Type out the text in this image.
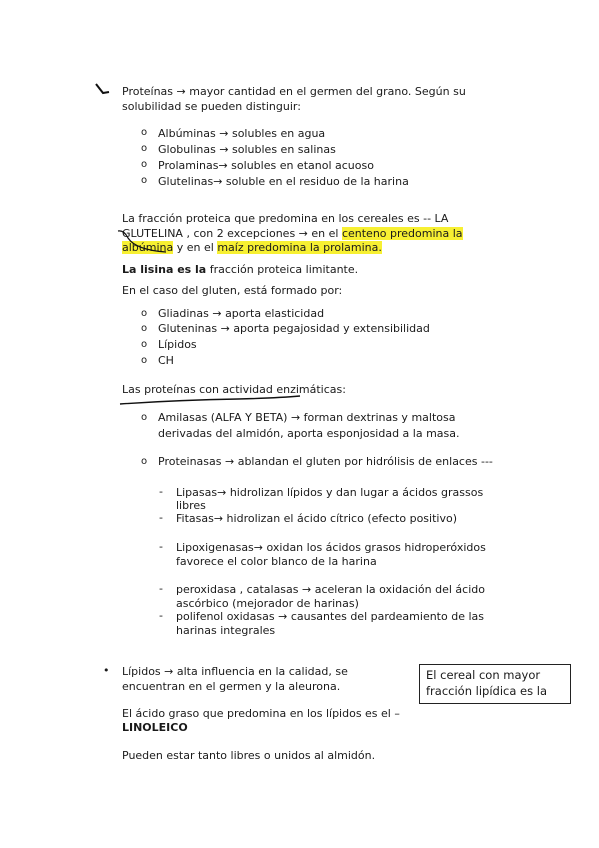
Proteínas → mayor cantidad en el germen del grano. Según su
solubilidad se pueden distinguir:
o Albúminas → solubles en agua
o Globulinas → solubles en salinas
o Prolaminas→ solubles en etanol acuoso
o Glutelinas→ soluble en el residuo de la harina
La fracción proteica que predomina en los cereales es -- LA
GLUTELINA , con 2 excepciones → en el centeno predomina la
albúmina y en el maíz predomina la prolamina.
La lisina es la fracción proteica limitante.
En el caso del gluten, está formado por:
o Gliadinas → aporta elasticidad
o Gluteninas → aporta pegajosidad y extensibilidad
o Lípidos
o CH
Las proteínas con actividad enzimáticas:
o Amilasas (ALFA Y BETA) → forman dextrinas y maltosa
derivadas del almidón, aporta esponjosidad a la masa.
o Proteinasas → ablandan el gluten por hidrólisis de enlaces ---
- Lipasas→ hidrolizan lípidos y dan lugar a ácidos grassos
libres
- Fitasas→ hidrolizan el ácido cítrico (efecto positivo)
- Lipoxigenasas→ oxidan los ácidos grasos hidroperóxidos
favorece el color blanco de la harina
- peroxidasa , catalasas → aceleran la oxidación del ácido
ascórbico (mejorador de harinas)
- polifenol oxidasas → causantes del pardeamiento de las
harinas integrales
• Lípidos → alta influencia en la calidad, se
encuentran en el germen y la aleurona.
El ácido graso que predomina en los lípidos es el –
LINOLEICO
Pueden estar tanto libres o unidos al almidón.
El cereal con mayor fracción lipídica es la
